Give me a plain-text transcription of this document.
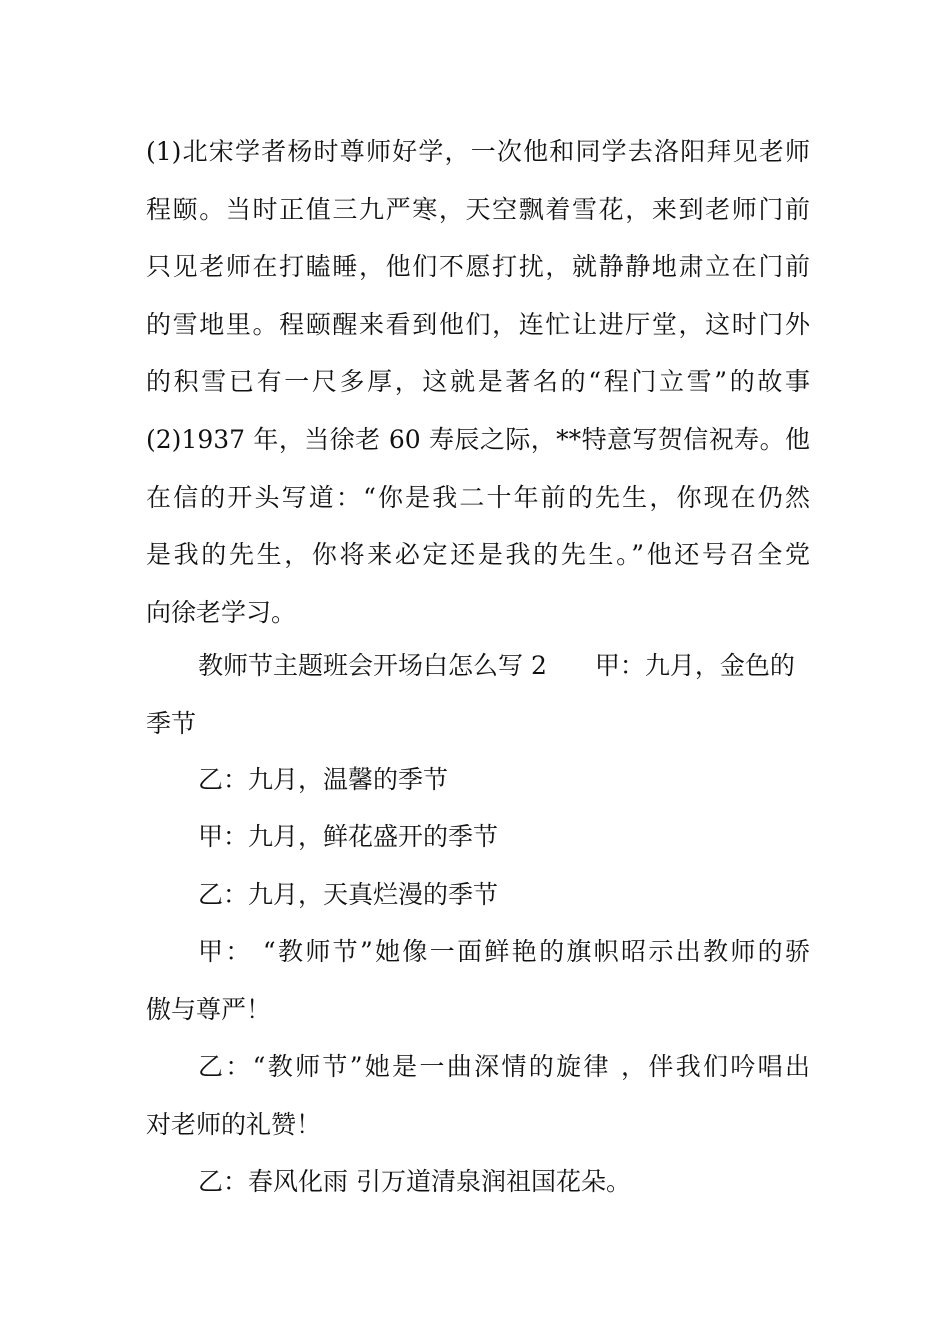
(1)北宋学者杨时尊师好学，一次他和同学去洛阳拜见老师
程颐。当时正值三九严寒，天空飘着雪花，来到老师门前
只见老师在打瞌睡，他们不愿打扰，就静静地肃立在门前
的雪地里。程颐醒来看到他们，连忙让进厅堂，这时门外
的积雪已有一尺多厚，这就是著名的“程门立雪”的故事
(2)1937 年，当徐老 60 寿辰之际，**特意写贺信祝寿。他
在信的开头写道：“你是我二十年前的先生，你现在仍然
是我的先生，你将来必定还是我的先生。”他还号召全党
向徐老学习。
教师节主题班会开场白怎么写 2 甲：九月，金色的
季节
乙：九月，温馨的季节
甲：九月，鲜花盛开的季节
乙：九月，天真烂漫的季节
甲： “教师节”她像一面鲜艳的旗帜昭示出教师的骄
傲与尊严！
乙：“教师节”她是一曲深情的旋律 ，伴我们吟唱出
对老师的礼赞！
乙：春风化雨 引万道清泉润祖国花朵。
